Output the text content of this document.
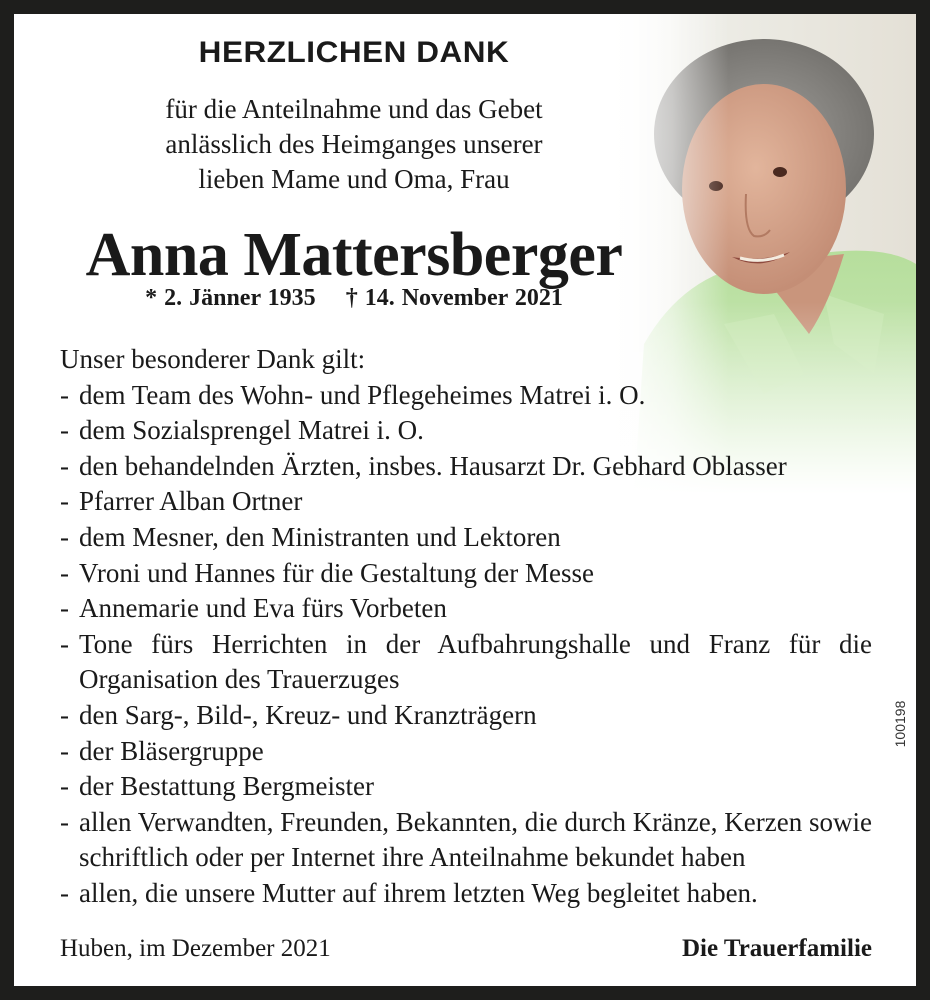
HERZLICHEN DANK
für die Anteilnahme und das Gebet
anlässlich des Heimganges unserer
lieben Mame und Oma, Frau
Anna Mattersberger
* 2. Jänner 1935 † 14. November 2021
Unser besonderer Dank gilt:
- dem Team des Wohn- und Pflegeheimes Matrei i. O.
- dem Sozialsprengel Matrei i. O.
- den behandelnden Ärzten, insbes. Hausarzt Dr. Gebhard Oblasser
- Pfarrer Alban Ortner
- dem Mesner, den Ministranten und Lektoren
- Vroni und Hannes für die Gestaltung der Messe
- Annemarie und Eva fürs Vorbeten
- Tone fürs Herrichten in der Aufbahrungshalle und Franz für die Organisation des Trauerzuges
- den Sarg-, Bild-, Kreuz- und Kranzträgern
- der Bläsergruppe
- der Bestattung Bergmeister
- allen Verwandten, Freunden, Bekannten, die durch Kränze, Kerzen sowie schriftlich oder per Internet ihre Anteilnahme bekundet haben
- allen, die unsere Mutter auf ihrem letzten Weg begleitet haben.
Huben, im Dezember 2021	Die Trauerfamilie
100198
